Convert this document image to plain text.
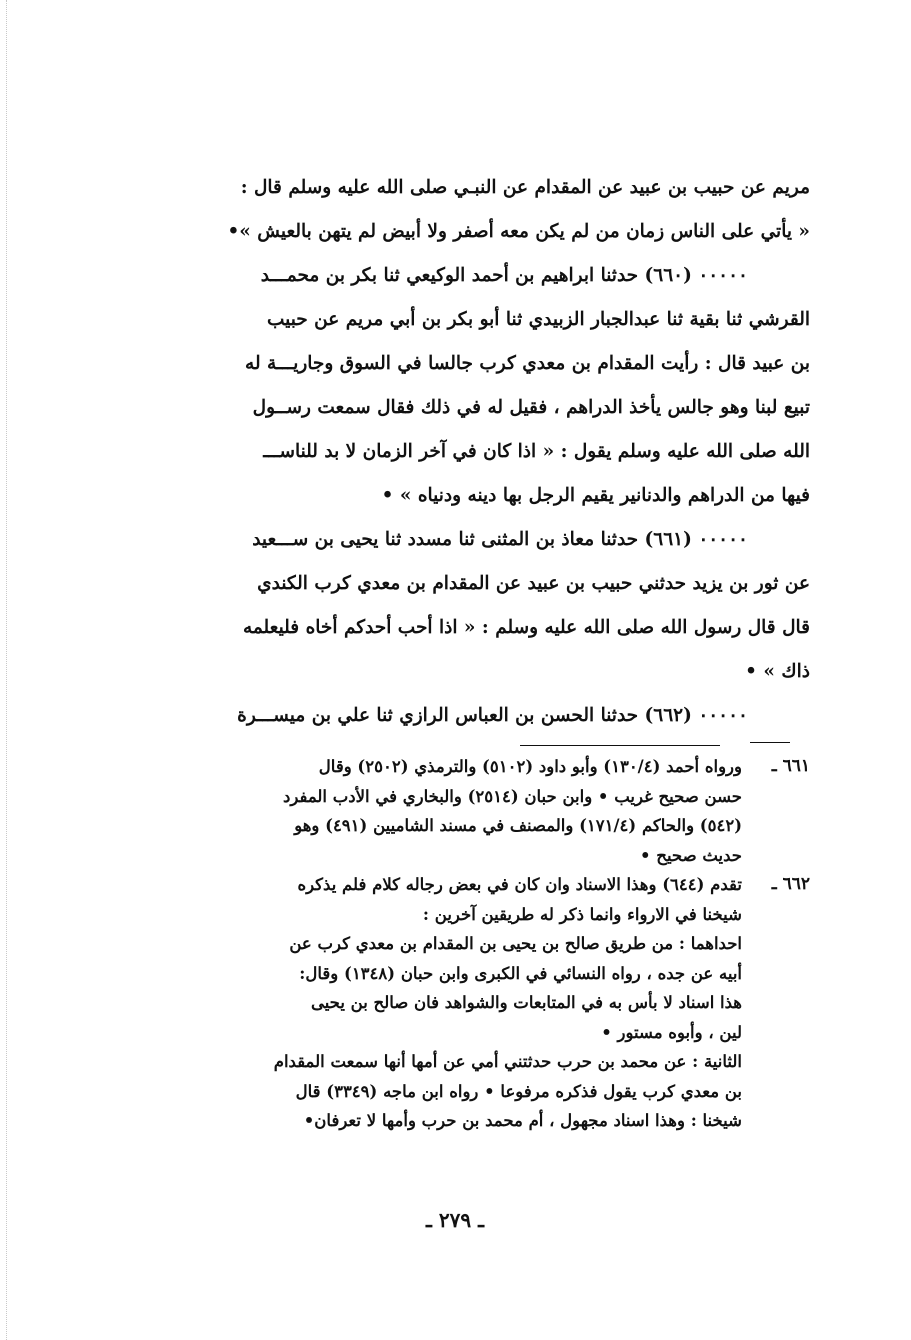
مريم عن حبيب بن عبيد عن المقدام عن النبـي صلى الله عليه وسلم قال :
« يأتي على الناس زمان من لم يكن معه أصفر ولا أبيض لم يتهن بالعيش »•
٠٠٠٠٠ (٦٦٠) حدثنا ابراهيم بن أحمد الوكيعي ثنا بكر بن محمـــد
القرشي ثنا بقية ثنا عبدالجبار الزبيدي ثنا أبو بكر بن أبي مريم عن حبيب
بن عبيد قال : رأيت المقدام بن معدي كرب جالسا في السوق وجاريـــة له
تبيع لبنا وهو جالس يأخذ الدراهم ، فقيل له في ذلك فقال سمعت رســول
الله صلى الله عليه وسلم يقول : « اذا كان في آخر الزمان لا بد للناســـ
فيها من الدراهم والدنانير يقيم الرجل بها دينه ودنياه » •
٠٠٠٠٠ (٦٦١) حدثنا معاذ بن المثنى ثنا مسدد ثنا يحيى بن ســـعيد
عن ثور بن يزيد حدثني حبيب بن عبيد عن المقدام بن معدي كرب الكندي
قال قال رسول الله صلى الله عليه وسلم : « اذا أحب أحدكم أخاه فليعلمه
ذاك » •
٠٠٠٠٠ (٦٦٢) حدثنا الحسن بن العباس الرازي ثنا علي بن ميســـرة
٦٦١ ـ
ورواه أحمد (١٣٠/٤) وأبو داود (٥١٠٢) والترمذي (٢٥٠٢) وقال
حسن صحيح غريب • وابن حبان (٢٥١٤) والبخاري في الأدب المفرد
(٥٤٢) والحاكم (١٧١/٤) والمصنف في مسند الشاميين (٤٩١) وهو
حديث صحيح •
٦٦٢ ـ
تقدم (٦٤٤) وهذا الاسناد وان كان في بعض رجاله كلام فلم يذكره
شيخنا في الارواء وانما ذكر له طريقين آخرين :
احداهما : من طريق صالح بن يحيى بن المقدام بن معدي كرب عن
أبيه عن جده ، رواه النسائي في الكبرى وابن حبان (١٣٤٨) وقال:
هذا اسناد لا بأس به في المتابعات والشواهد فان صالح بن يحيى
لين ، وأبوه مستور •
الثانية : عن محمد بن حرب حدثتني أمي عن أمها أنها سمعت المقدام
بن معدي كرب يقول فذكره مرفوعا • رواه ابن ماجه (٣٣٤٩) قال
شيخنا : وهذا اسناد مجهول ، أم محمد بن حرب وأمها لا تعرفان•
ـ ٢٧٩ ـ
